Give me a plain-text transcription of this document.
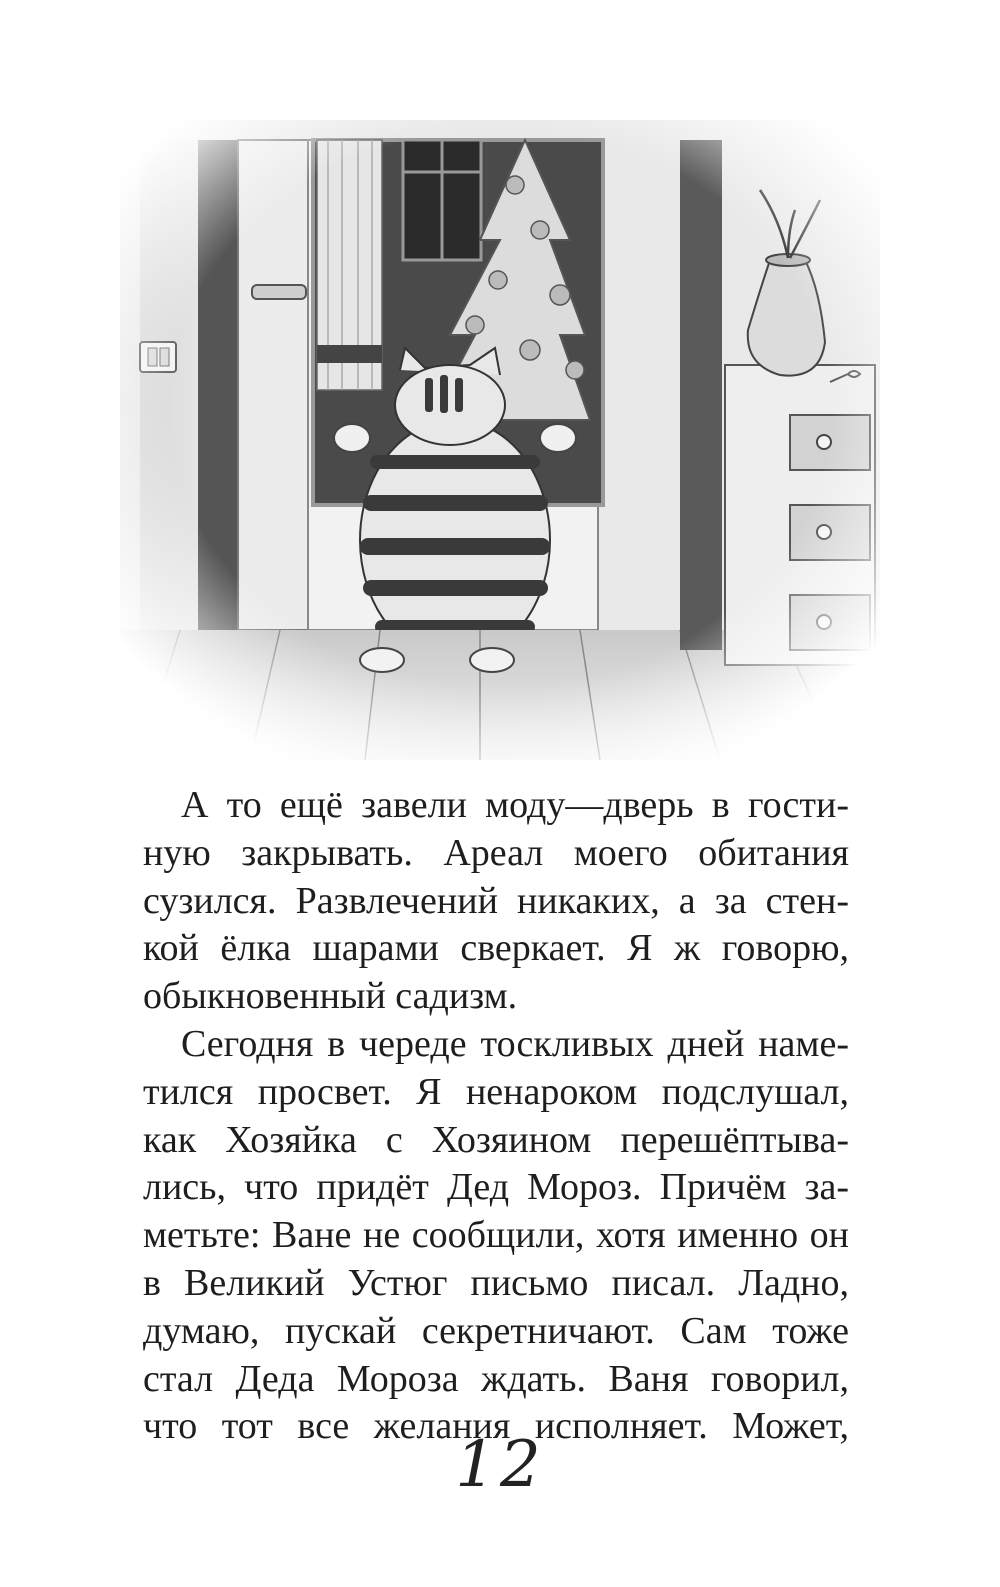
А то ещё завели моду—дверь в гости-
ную закрывать. Ареал моего обитания
сузился. Развлечений никаких, а за стен-
кой ёлка шарами сверкает. Я ж говорю,
обыкновенный садизм.
Сегодня в череде тоскливых дней наме-
тился просвет. Я ненароком подслушал,
как Хозяйка с Хозяином перешёптыва-
лись, что придёт Дед Мороз. Причём за-
метьте: Ване не сообщили, хотя именно он
в Великий Устюг письмо писал. Ладно,
думаю, пускай секретничают. Сам тоже
стал Деда Мороза ждать. Ваня говорил,
что тот все желания исполняет. Может,
12
